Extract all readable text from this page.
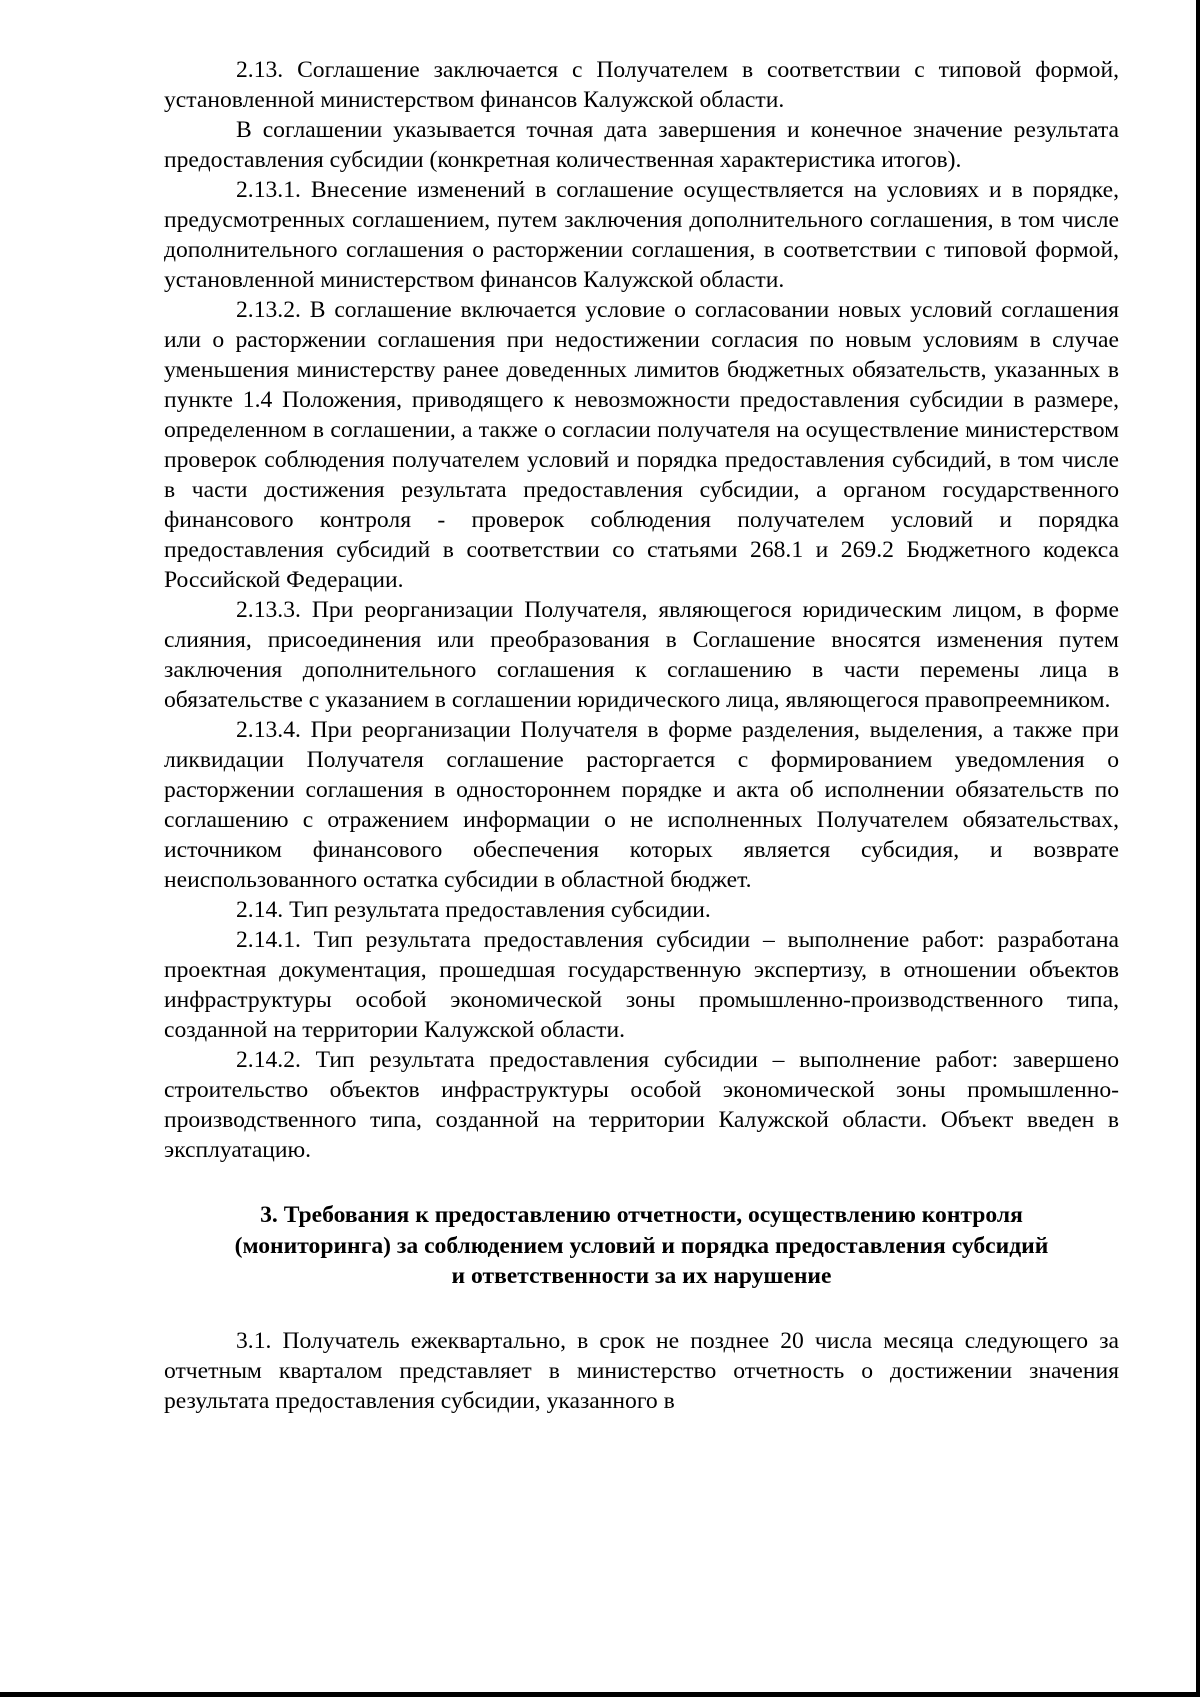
2.13. Соглашение заключается с Получателем в соответствии с типовой формой, установленной министерством финансов Калужской области.

В соглашении указывается точная дата завершения и конечное значение результата предоставления субсидии (конкретная количественная характеристика итогов).

2.13.1. Внесение изменений в соглашение осуществляется на условиях и в порядке, предусмотренных соглашением, путем заключения дополнительного соглашения, в том числе дополнительного соглашения о расторжении соглашения, в соответствии с типовой формой, установленной министерством финансов Калужской области.

2.13.2. В соглашение включается условие о согласовании новых условий соглашения или о расторжении соглашения при недостижении согласия по новым условиям в случае уменьшения министерству ранее доведенных лимитов бюджетных обязательств, указанных в пункте 1.4 Положения, приводящего к невозможности предоставления субсидии в размере, определенном в соглашении, а также о согласии получателя на осуществление министерством проверок соблюдения получателем условий и порядка предоставления субсидий, в том числе в части достижения результата предоставления субсидии, а органом государственного финансового контроля - проверок соблюдения получателем условий и порядка предоставления субсидий в соответствии со статьями 268.1 и 269.2 Бюджетного кодекса Российской Федерации.

2.13.3. При реорганизации Получателя, являющегося юридическим лицом, в форме слияния, присоединения или преобразования в Соглашение вносятся изменения путем заключения дополнительного соглашения к соглашению в части перемены лица в обязательстве с указанием в соглашении юридического лица, являющегося правопреемником.

2.13.4. При реорганизации Получателя в форме разделения, выделения, а также при ликвидации Получателя соглашение расторгается с формированием уведомления о расторжении соглашения в одностороннем порядке и акта об исполнении обязательств по соглашению с отражением информации о не исполненных Получателем обязательствах, источником финансового обеспечения которых является субсидия, и возврате неиспользованного остатка субсидии в областной бюджет.

2.14. Тип результата предоставления субсидии.

2.14.1. Тип результата предоставления субсидии – выполнение работ: разработана проектная документация, прошедшая государственную экспертизу, в отношении объектов инфраструктуры особой экономической зоны промышленно-производственного типа, созданной на территории Калужской области.

2.14.2. Тип результата предоставления субсидии – выполнение работ: завершено строительство объектов инфраструктуры особой экономической зоны промышленно-производственного типа, созданной на территории Калужской области. Объект введен в эксплуатацию.

3. Требования к предоставлению отчетности, осуществлению контроля
(мониторинга) за соблюдением условий и порядка предоставления субсидий
и ответственности за их нарушение

3.1. Получатель ежеквартально, в срок не позднее 20 числа месяца следующего за отчетным кварталом представляет в министерство отчетность о достижении значения результата предоставления субсидии, указанного в
